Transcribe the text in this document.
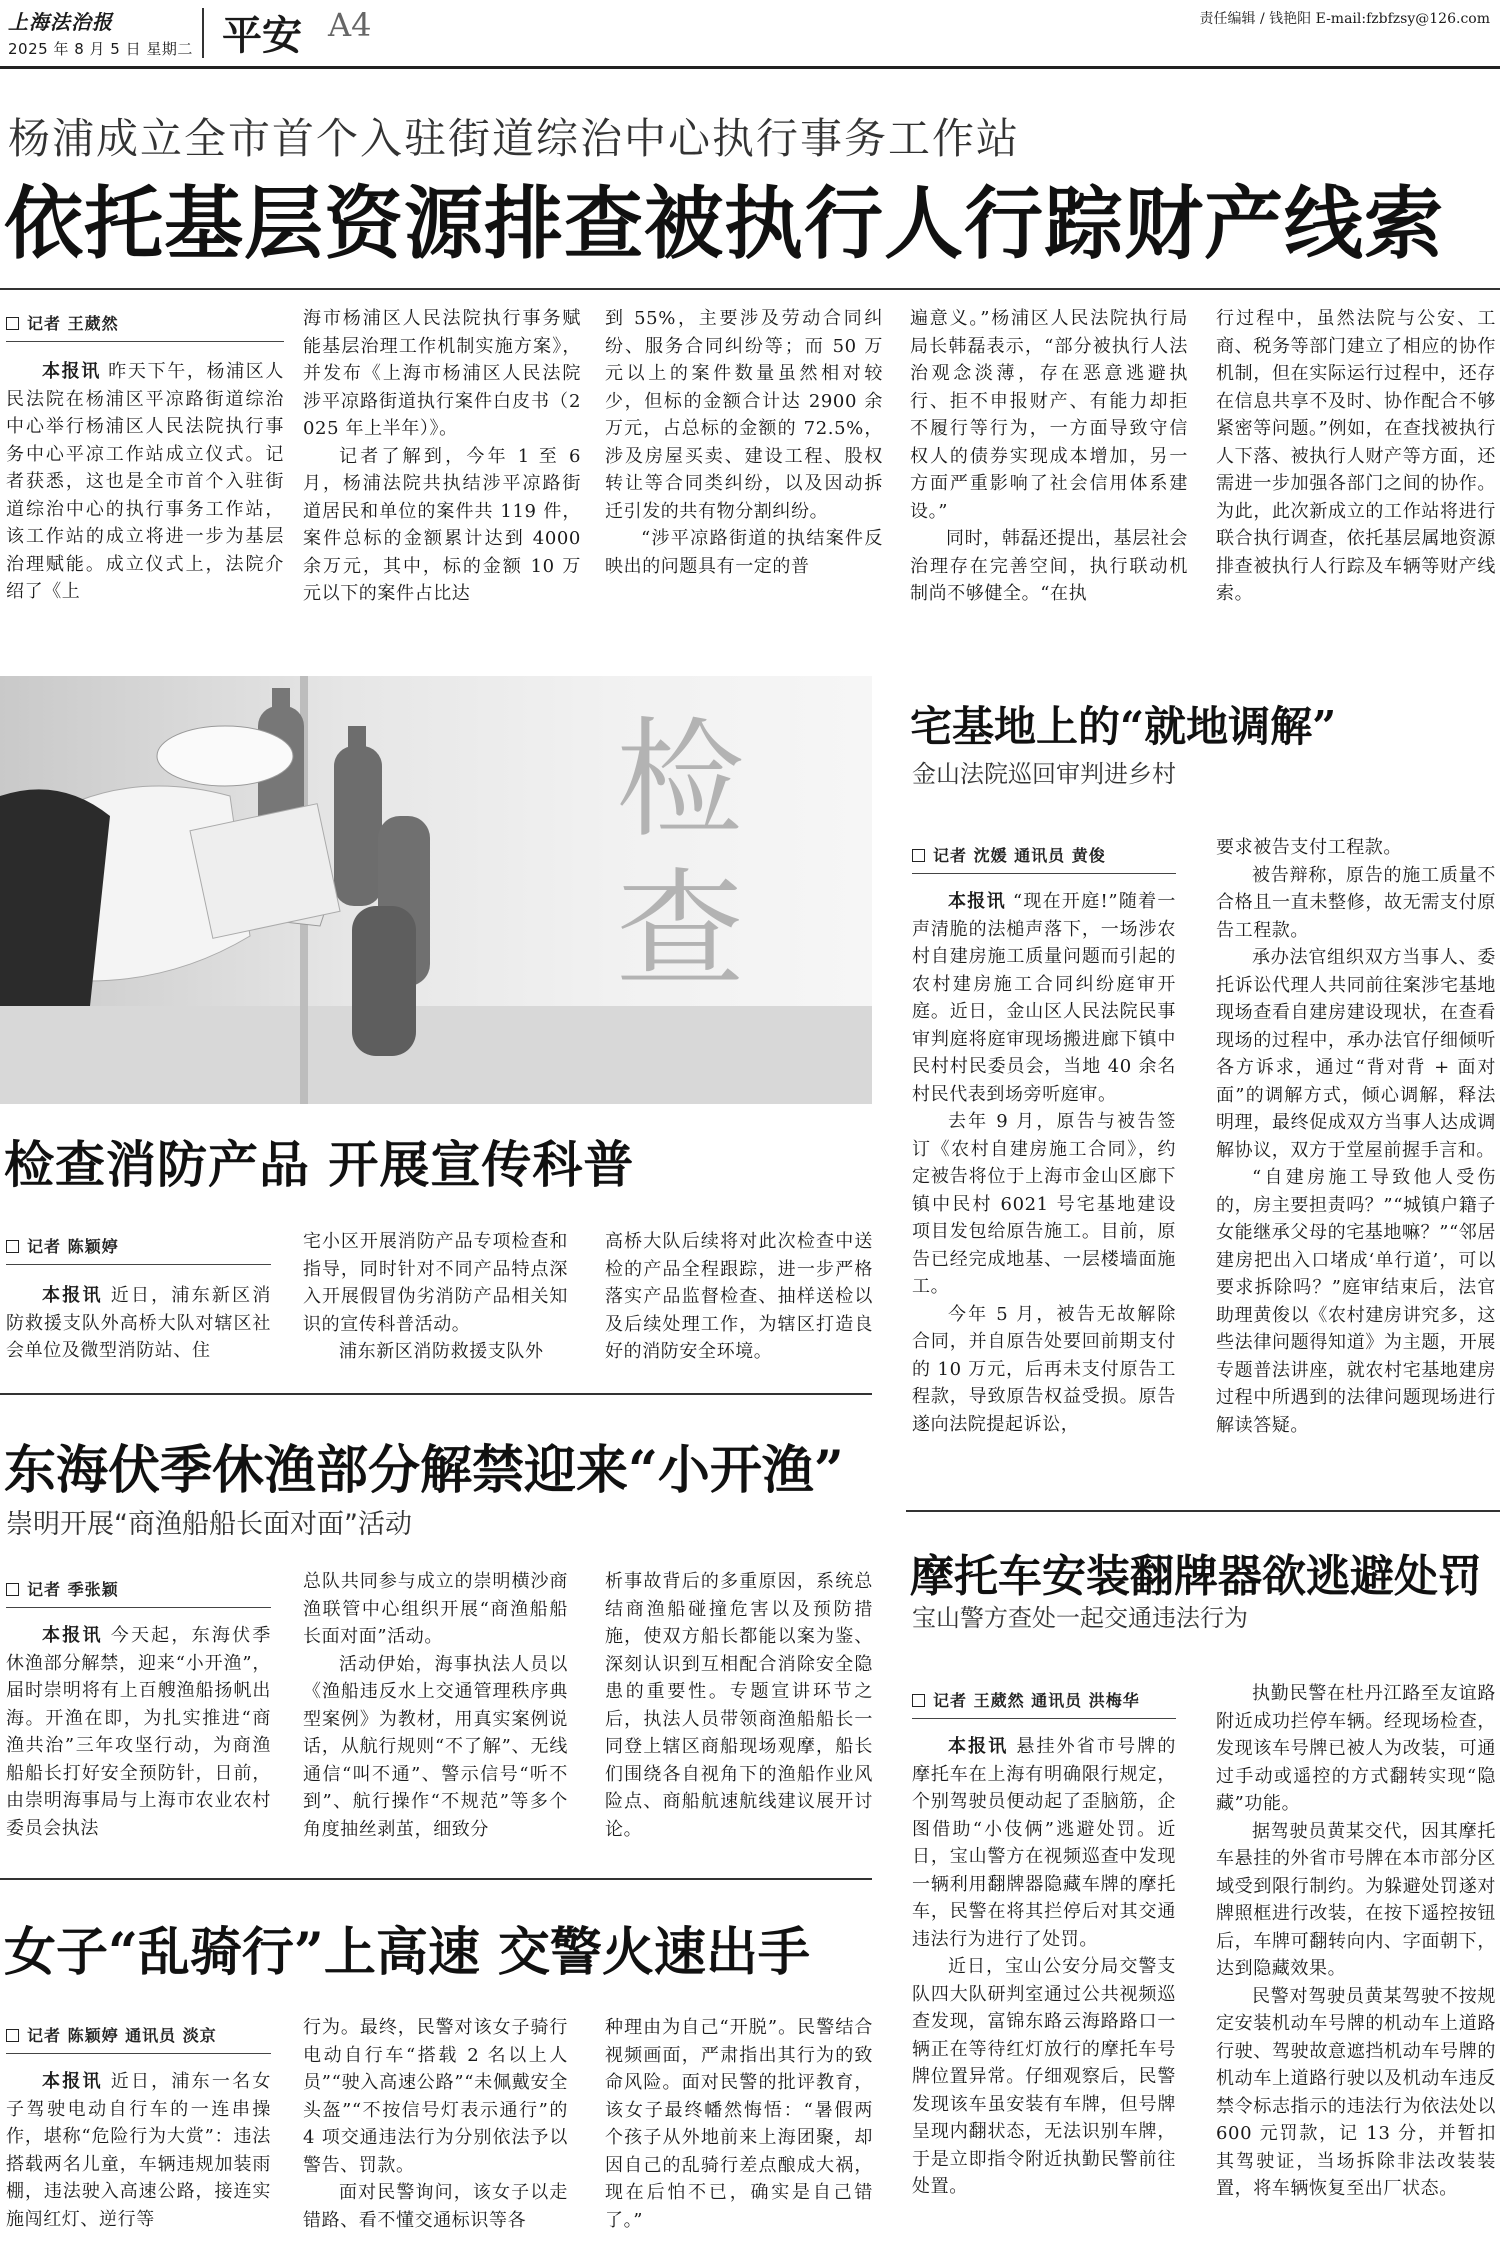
上海法治报
2025 年 8 月 5 日 星期二 平安 A4	责任编辑 / 钱艳阳 E-mail:fzbfzsy@126.com
杨浦成立全市首个入驻街道综治中心执行事务工作站
依托基层资源排查被执行人行踪财产线索
记者 王葳然

本报讯 昨天下午，杨浦区人民法院在杨浦区平凉路街道综治中心举行杨浦区人民法院执行事务中心平凉工作站成立仪式。记者获悉，这也是全市首个入驻街道综治中心的执行事务工作站，该工作站的成立将进一步为基层治理赋能。成立仪式上，法院介绍了《上

海市杨浦区人民法院执行事务赋能基层治理工作机制实施方案》，并发布《上海市杨浦区人民法院涉平凉路街道执行案件白皮书（2025 年上半年）》。

记者了解到，今年 1 至 6 月，杨浦法院共执结涉平凉路街道居民和单位的案件共 119 件，案件总标的金额累计达到 4000 余万元，其中，标的金额 10 万元以下的案件占比达

到 55%，主要涉及劳动合同纠纷、服务合同纠纷等；而 50 万元以上的案件数量虽然相对较少，但标的金额合计达 2900 余万元，占总标的金额的 72.5%，涉及房屋买卖、建设工程、股权转让等合同类纠纷，以及因动拆迁引发的共有物分割纠纷。

“涉平凉路街道的执结案件反映出的问题具有一定的普

遍意义。”杨浦区人民法院执行局局长韩磊表示，“部分被执行人法治观念淡薄，存在恶意逃避执行、拒不申报财产、有能力却拒不履行等行为，一方面导致守信权人的债券实现成本增加，另一方面严重影响了社会信用体系建设。”

同时，韩磊还提出，基层社会治理存在完善空间，执行联动机制尚不够健全。“在执

行过程中，虽然法院与公安、工商、税务等部门建立了相应的协作机制，但在实际运行过程中，还存在信息共享不及时、协作配合不够紧密等问题。”例如，在查找被执行人下落、被执行人财产等方面，还需进一步加强各部门之间的协作。为此，此次新成立的工作站将进行联合执行调查，依托基层属地资源排查被执行人行踪及车辆等财产线索。

检查
检查消防产品 开展宣传科普
记者 陈颖婷

本报讯 近日，浦东新区消防救援支队外高桥大队对辖区社会单位及微型消防站、住

宅小区开展消防产品专项检查和指导，同时针对不同产品特点深入开展假冒伪劣消防产品相关知识的宣传科普活动。

浦东新区消防救援支队外

高桥大队后续将对此次检查中送检的产品全程跟踪，进一步严格落实产品监督检查、抽样送检以及后续处理工作，为辖区打造良好的消防安全环境。

东海伏季休渔部分解禁迎来“小开渔”
崇明开展“商渔船船长面对面”活动
记者 季张颖

本报讯 今天起，东海伏季休渔部分解禁，迎来“小开渔”，届时崇明将有上百艘渔船扬帆出海。开渔在即，为扎实推进“商渔共治”三年攻坚行动，为商渔船船长打好安全预防针，日前，由崇明海事局与上海市农业农村委员会执法

总队共同参与成立的崇明横沙商渔联管中心组织开展“商渔船船长面对面”活动。

活动伊始，海事执法人员以《渔船违反水上交通管理秩序典型案例》为教材，用真实案例说话，从航行规则“不了解”、无线通信“叫不通”、警示信号“听不到”、航行操作“不规范”等多个角度抽丝剥茧，细致分

析事故背后的多重原因，系统总结商渔船碰撞危害以及预防措施，使双方船长都能以案为鉴、深刻认识到互相配合消除安全隐患的重要性。专题宣讲环节之后，执法人员带领商渔船船长一同登上辖区商船现场观摩，船长们围绕各自视角下的渔船作业风险点、商船航速航线建议展开讨论。

女子“乱骑行”上高速 交警火速出手
记者 陈颖婷 通讯员 淡京

本报讯 近日，浦东一名女子驾驶电动自行车的一连串操作，堪称“危险行为大赏”：违法搭载两名儿童，车辆违规加装雨棚，违法驶入高速公路，接连实施闯红灯、逆行等

行为。最终，民警对该女子骑行电动自行车“搭载 2 名以上人员”“驶入高速公路”“未佩戴安全头盔”“不按信号灯表示通行”的 4 项交通违法行为分别依法予以警告、罚款。

面对民警询问，该女子以走错路、看不懂交通标识等各

种理由为自己“开脱”。民警结合视频画面，严肃指出其行为的致命风险。面对民警的批评教育，该女子最终幡然悔悟：“暑假两个孩子从外地前来上海团聚，却因自己的乱骑行差点酿成大祸，现在后怕不已，确实是自己错了。”

宅基地上的“就地调解”
金山法院巡回审判进乡村
记者 沈媛 通讯员 黄俊

本报讯 “现在开庭!”随着一声清脆的法槌声落下，一场涉农村自建房施工质量问题而引起的农村建房施工合同纠纷庭审开庭。近日，金山区人民法院民事审判庭将庭审现场搬进廊下镇中民村村民委员会，当地 40 余名村民代表到场旁听庭审。

去年 9 月，原告与被告签订《农村自建房施工合同》，约定被告将位于上海市金山区廊下镇中民村 6021 号宅基地建设项目发包给原告施工。目前，原告已经完成地基、一层楼墙面施工。

今年 5 月，被告无故解除合同，并自原告处要回前期支付的 10 万元，后再未支付原告工程款，导致原告权益受损。原告遂向法院提起诉讼，

要求被告支付工程款。

被告辩称，原告的施工质量不合格且一直未整修，故无需支付原告工程款。

承办法官组织双方当事人、委托诉讼代理人共同前往案涉宅基地现场查看自建房建设现状，在查看现场的过程中，承办法官仔细倾听各方诉求，通过“背对背 + 面对面”的调解方式，倾心调解，释法明理，最终促成双方当事人达成调解协议，双方于堂屋前握手言和。

“自建房施工导致他人受伤的，房主要担责吗？”“城镇户籍子女能继承父母的宅基地嘛？”“邻居建房把出入口堵成‘单行道’，可以要求拆除吗？”庭审结束后，法官助理黄俊以《农村建房讲究多，这些法律问题得知道》为主题，开展专题普法讲座，就农村宅基地建房过程中所遇到的法律问题现场进行解读答疑。

摩托车安装翻牌器欲逃避处罚
宝山警方查处一起交通违法行为
记者 王葳然 通讯员 洪梅华

本报讯 悬挂外省市号牌的摩托车在上海有明确限行规定，个别驾驶员便动起了歪脑筋，企图借助“小伎俩”逃避处罚。近日，宝山警方在视频巡查中发现一辆利用翻牌器隐藏车牌的摩托车，民警在将其拦停后对其交通违法行为进行了处罚。

近日，宝山公安分局交警支队四大队研判室通过公共视频巡查发现，富锦东路云海路路口一辆正在等待红灯放行的摩托车号牌位置异常。仔细观察后，民警发现该车虽安装有车牌，但号牌呈现内翻状态，无法识别车牌，于是立即指令附近执勤民警前往处置。

执勤民警在杜丹江路至友谊路附近成功拦停车辆。经现场检查，发现该车号牌已被人为改装，可通过手动或遥控的方式翻转实现“隐藏”功能。

据驾驶员黄某交代，因其摩托车悬挂的外省市号牌在本市部分区域受到限行制约。为躲避处罚遂对牌照框进行改装，在按下遥控按钮后，车牌可翻转向内、字面朝下，达到隐藏效果。

民警对驾驶员黄某驾驶不按规定安装机动车号牌的机动车上道路行驶、驾驶故意遮挡机动车号牌的机动车上道路行驶以及机动车违反禁令标志指示的违法行为依法处以 600 元罚款，记 13 分，并暂扣其驾驶证，当场拆除非法改装装置，将车辆恢复至出厂状态。
